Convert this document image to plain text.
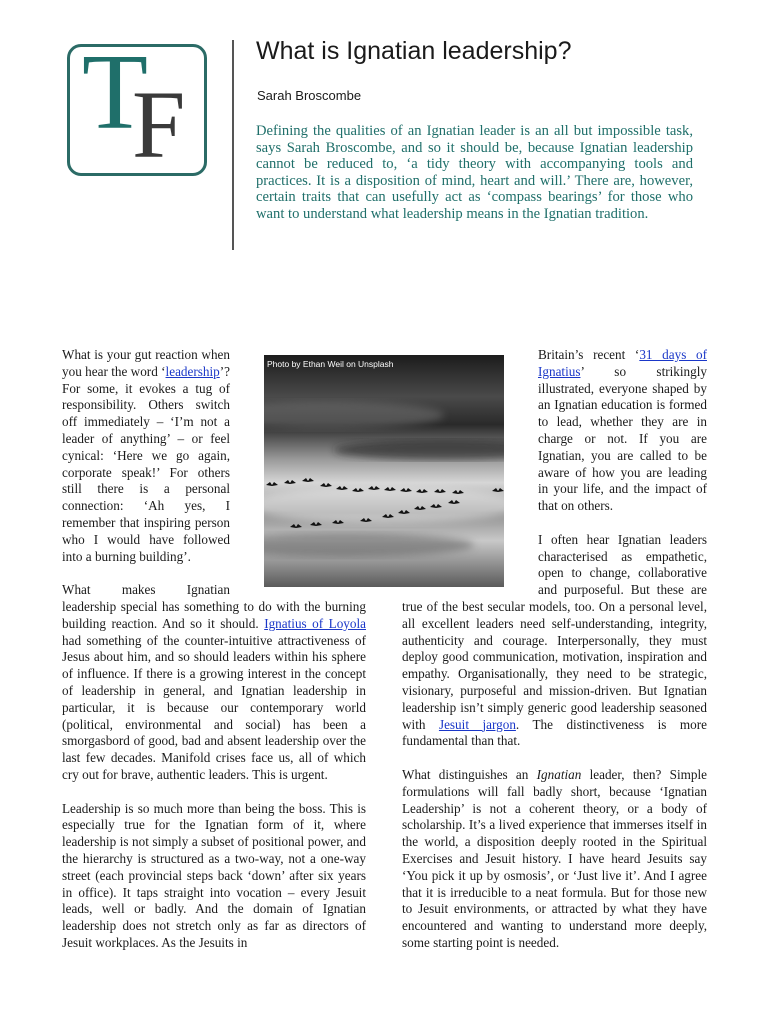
T
F
What is Ignatian leadership?
Sarah Broscombe

Defining the qualities of an Ignatian leader is an all but impossible task, says Sarah Broscombe, and so it should be, because Ignatian leadership cannot be reduced to, ‘a tidy theory with accompanying tools and practices. It is a disposition of mind, heart and will.’ There are, however, certain traits that can usefully act as ‘compass bearings’ for those who want to understand what leadership means in the Ignatian tradition.

Photo by Ethan Weil on Unsplash

What is your gut reaction when you hear the word ‘leadership’? For some, it evokes a tug of responsibility. Others switch off immediately – ‘I’m not a leader of anything’ – or feel cynical: ‘Here we go again, corporate speak!’ For others still there is a personal connection: ‘Ah yes, I remember that inspiring person who I would have followed into a burning building’.

What makes Ignatian leadership special has something to do with the burning building reaction. And so it should. Ignatius of Loyola had something of the counter-intuitive attractiveness of Jesus about him, and so should leaders within his sphere of influence. If there is a growing interest in the concept of leadership in general, and Ignatian leadership in particular, it is because our contemporary world (political, environmental and social) has been a smorgasbord of good, bad and absent leadership over the last few decades. Manifold crises face us, all of which cry out for brave, authentic leaders. This is urgent.

Leadership is so much more than being the boss. This is especially true for the Ignatian form of it, where leadership is not simply a subset of positional power, and the hierarchy is structured as a two-way, not a one-way street (each provincial steps back ‘down’ after six years in office). It taps straight into vocation – every Jesuit leads, well or badly. And the domain of Ignatian leadership does not stretch only as far as directors of Jesuit workplaces. As the Jesuits in

Britain’s recent ‘31 days of Ignatius’ so strikingly illustrated, everyone shaped by an Ignatian education is formed to lead, whether they are in charge or not. If you are Ignatian, you are called to be aware of how you are leading in your life, and the impact of that on others.

I often hear Ignatian leaders characterised as empathetic, open to change, collaborative and purposeful. But these are true of the best secular models, too. On a personal level, all excellent leaders need self-understanding, integrity, authenticity and courage. Interpersonally, they must deploy good communication, motivation, inspiration and empathy. Organisationally, they need to be strategic, visionary, purposeful and mission-driven. But Ignatian leadership isn’t simply generic good leadership seasoned with Jesuit jargon. The distinctiveness is more fundamental than that.

What distinguishes an Ignatian leader, then? Simple formulations will fall badly short, because ‘Ignatian Leadership’ is not a coherent theory, or a body of scholarship. It’s a lived experience that immerses itself in the world, a disposition deeply rooted in the Spiritual Exercises and Jesuit history. I have heard Jesuits say ‘You pick it up by osmosis’, or ‘Just live it’. And I agree that it is irreducible to a neat formula. But for those new to Jesuit environments, or attracted by what they have encountered and wanting to understand more deeply, some starting point is needed.
